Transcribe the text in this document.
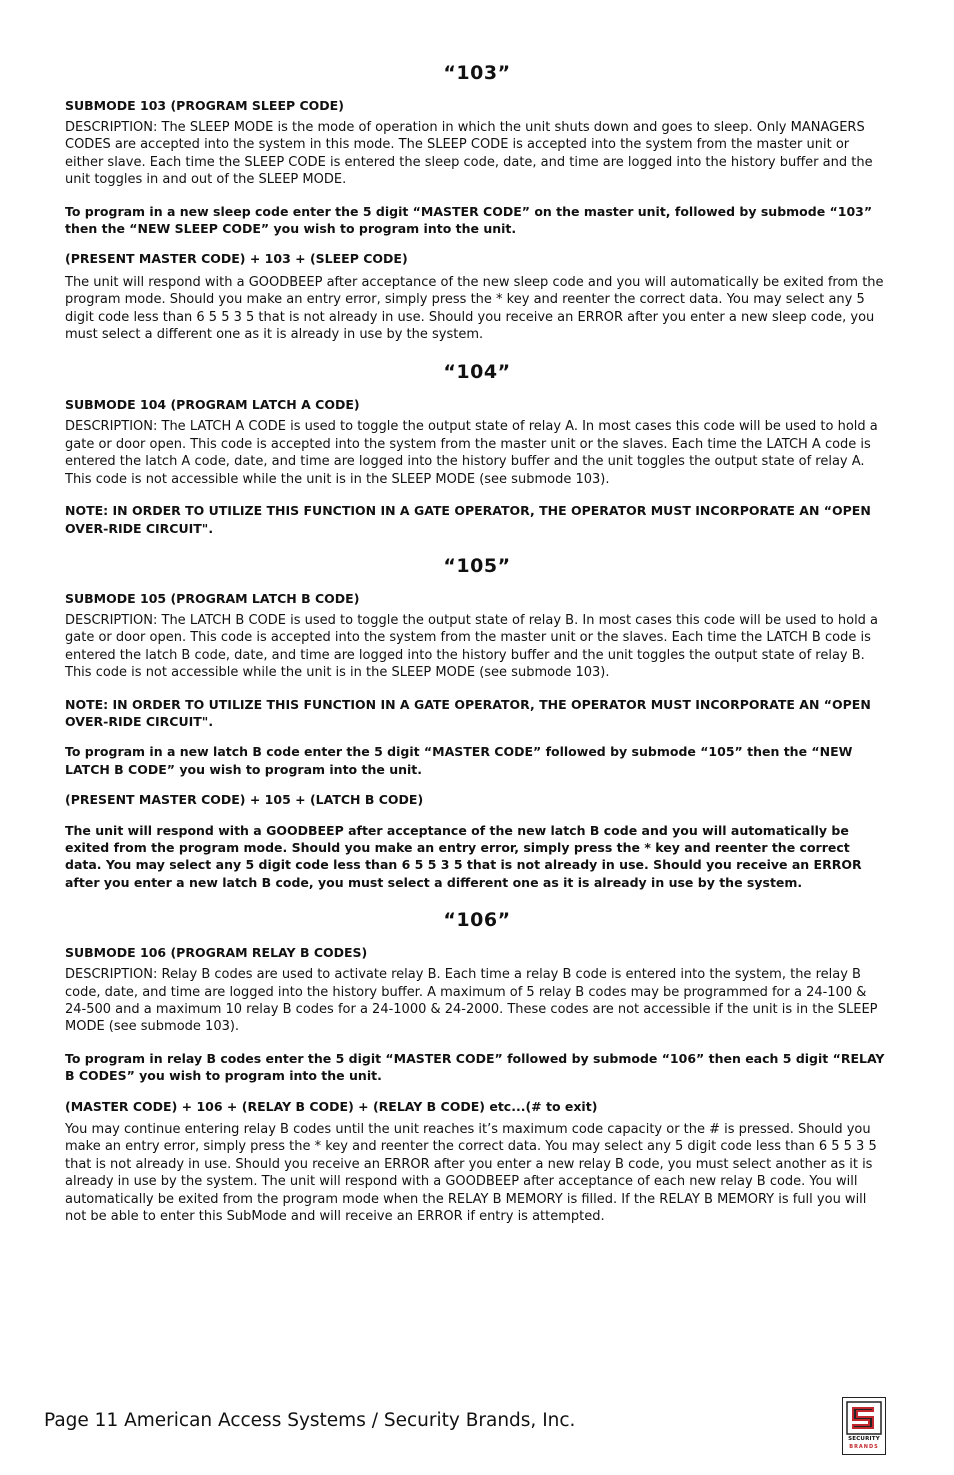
“103”
SUBMODE 103 (PROGRAM SLEEP CODE)
DESCRIPTION: The SLEEP MODE is the mode of operation in which the unit shuts down and goes to sleep. Only MANAGERS CODES are accepted into the system in this mode. The SLEEP CODE is accepted into the system from the master unit or either slave. Each time the SLEEP CODE is entered the sleep code, date, and time are logged into the history buffer and the unit toggles in and out of the SLEEP MODE.
To program in a new sleep code enter the 5 digit “MASTER CODE” on the master unit, followed by submode “103” then the “NEW SLEEP CODE” you wish to program into the unit.
(PRESENT MASTER CODE) + 103 + (SLEEP CODE)
The unit will respond with a GOODBEEP after acceptance of the new sleep code and you will automatically be exited from the program mode. Should you make an entry error, simply press the * key and reenter the correct data. You may select any 5 digit code less than 6 5 5 3 5 that is not already in use. Should you receive an ERROR after you enter a new sleep code, you must select a different one as it is already in use by the system.
“104”
SUBMODE 104 (PROGRAM LATCH A CODE)
DESCRIPTION: The LATCH A CODE is used to toggle the output state of relay A. In most cases this code will be used to hold a gate or door open. This code is accepted into the system from the master unit or the slaves. Each time the LATCH A code is entered the latch A code, date, and time are logged into the history buffer and the unit toggles the output state of relay A. This code is not accessible while the unit is in the SLEEP MODE (see submode 103).
NOTE: IN ORDER TO UTILIZE THIS FUNCTION IN A GATE OPERATOR, THE OPERATOR MUST INCORPORATE AN “OPEN OVER-RIDE CIRCUIT".
“105”
SUBMODE 105 (PROGRAM LATCH B CODE)
DESCRIPTION: The LATCH B CODE is used to toggle the output state of relay B. In most cases this code will be used to hold a gate or door open. This code is accepted into the system from the master unit or the slaves. Each time the LATCH B code is entered the latch B code, date, and time are logged into the history buffer and the unit toggles the output state of relay B. This code is not accessible while the unit is in the SLEEP MODE (see submode 103).
NOTE: IN ORDER TO UTILIZE THIS FUNCTION IN A GATE OPERATOR, THE OPERATOR MUST INCORPORATE AN “OPEN OVER-RIDE CIRCUIT".
To program in a new latch B code enter the 5 digit “MASTER CODE” followed by submode “105” then the “NEW LATCH B CODE” you wish to program into the unit.
(PRESENT MASTER CODE) + 105 + (LATCH B CODE)
The unit will respond with a GOODBEEP after acceptance of the new latch B code and you will automatically be exited from the program mode. Should you make an entry error, simply press the * key and reenter the correct data. You may select any 5 digit code less than 6 5 5 3 5 that is not already in use. Should you receive an ERROR after you enter a new latch B code, you must select a different one as it is already in use by the system.
“106”
SUBMODE 106 (PROGRAM RELAY B CODES)
DESCRIPTION: Relay B codes are used to activate relay B. Each time a relay B code is entered into the system, the relay B code, date, and time are logged into the history buffer. A maximum of 5 relay B codes may be programmed for a 24-100 & 24-500 and a maximum 10 relay B codes for a 24-1000 & 24-2000. These codes are not accessible if the unit is in the SLEEP MODE (see submode 103).
To program in relay B codes enter the 5 digit “MASTER CODE” followed by submode “106” then each 5 digit “RELAY B CODES” you wish to program into the unit.
(MASTER CODE) + 106 + (RELAY B CODE) + (RELAY B CODE) etc...(# to exit)
You may continue entering relay B codes until the unit reaches it’s maximum code capacity or the # is pressed. Should you make an entry error, simply press the * key and reenter the correct data. You may select any 5 digit code less than 6 5 5 3 5 that is not already in use. Should you receive an ERROR after you enter a new relay B code, you must select another as it is already in use by the system. The unit will respond with a GOODBEEP after acceptance of each new relay B code. You will automatically be exited from the program mode when the RELAY B MEMORY is filled. If the RELAY B MEMORY is full you will not be able to enter this SubMode and will receive an ERROR if entry is attempted.
Page 11 American Access Systems / Security Brands, Inc.
SECURITY
BRANDS
